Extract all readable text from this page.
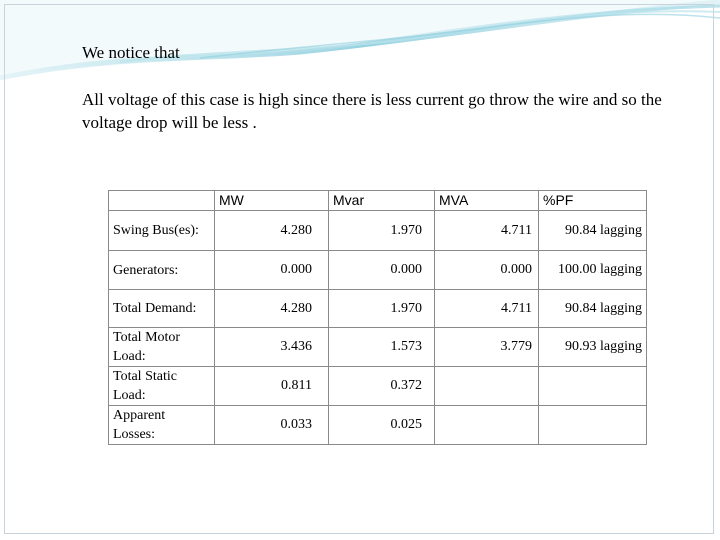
We notice that
All voltage of this case is high since there is less current go throw the wire and so the voltage drop will be less .
	MW	Mvar	MVA	%PF
Swing Bus(es):	4.280	1.970	4.711	90.84 lagging
Generators:	0.000	0.000	0.000	100.00 lagging
Total Demand:	4.280	1.970	4.711	90.84 lagging
Total Motor Load:	3.436	1.573	3.779	90.93 lagging
Total Static Load:	0.811	0.372		
Apparent Losses:	0.033	0.025		
